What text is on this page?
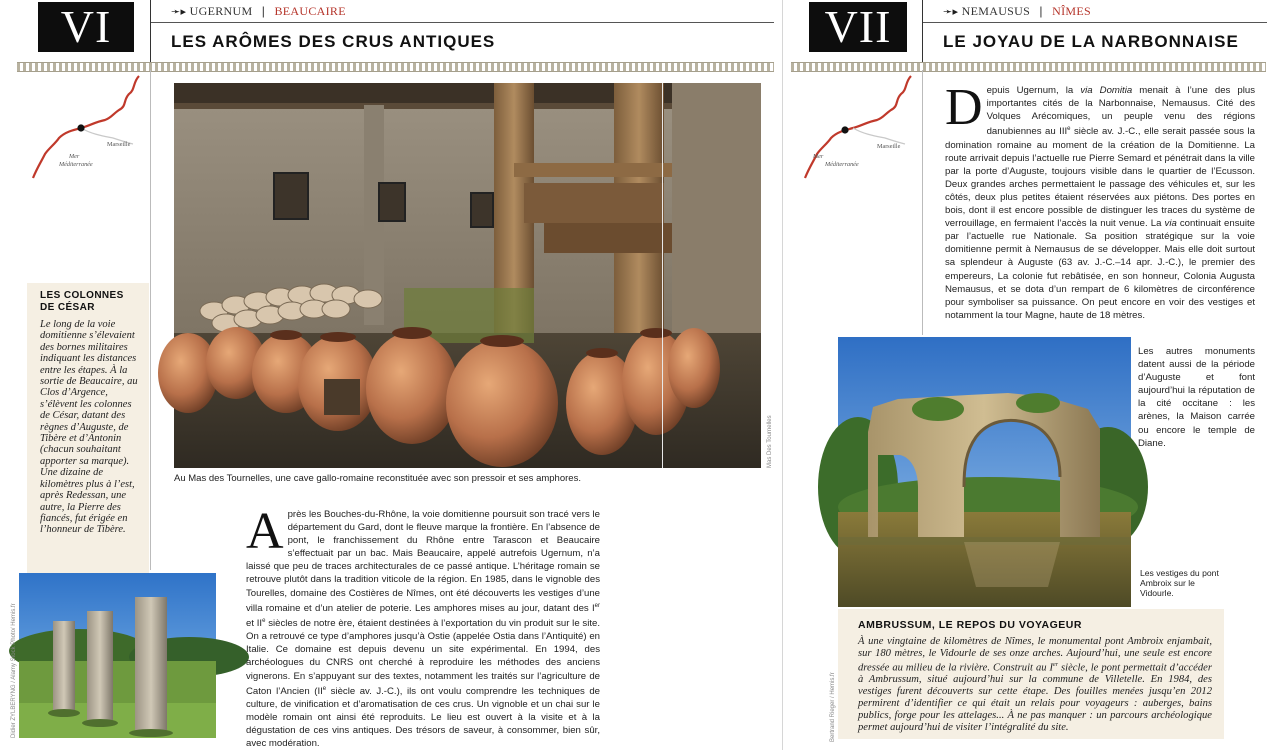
VI	➛▸ UGERNUM | BEAUCAIRE
LES ARÔMES DES CRUS ANTIQUES
Marseille
Mer
Méditerranée
Mas Des Tournelles
Au Mas des Tournelles, une cave gallo-romaine reconstituée avec son pressoir et ses amphores.
LES COLONNES
DE CÉSAR
Le long de la voie domitienne s’élevaient des bornes militaires indiquant les distances entre les étapes. À la sortie de Beaucaire, au Clos d’Argence, s’élèvent les colonnes de César, datant des règnes d’Auguste, de Tibère et d’Antonin (chacun souhaitant apporter sa marque). Une dizaine de kilomètres plus à l’est, après Redessan, une autre, la Pierre des fiancés, fut érigée en l’honneur de Tibère.
Didier ZYLBERYNG / Alamy Stock Photo/ Hemis.fr

Après les Bouches-du-Rhône, la voie domitienne poursuit son tracé vers le département du Gard, dont le fleuve marque la frontière. En l’absence de pont, le franchissement du Rhône entre Tarascon et Beaucaire s’effectuait par un bac. Mais Beaucaire, appelé autrefois Ugernum, n’a laissé que peu de traces architecturales de ce passé antique. L’héritage romain se retrouve plutôt dans la tradition viticole de la région. En 1985, dans le vignoble des Tourelles, domaine des Costières de Nîmes, ont été découverts les vestiges d’une villa romaine et d’un atelier de poterie. Les amphores mises au jour, datant des Ier et IIe siècles de notre ère, étaient destinées à l’exportation du vin produit sur le site. On a retrouvé ce type d’amphores jusqu’à Ostie (appelée Ostia dans l’Antiquité) en Italie. Ce domaine est depuis devenu un site expérimental. En 1994, des archéologues du CNRS ont cherché à reproduire les méthodes des anciens vignerons. En s’appuyant sur des textes, notamment les traités sur l’agriculture de Caton l’Ancien (IIe siècle av. J.-C.), ils ont voulu comprendre les techniques de culture, de vinification et d’aromatisation de ces crus. Un vignoble et un chai sur le modèle romain ont ainsi été reproduits. Le lieu est ouvert à la visite et à la dégustation de ces vins antiques. Des trésors de saveur, à consommer, bien sûr, avec modération.

VII	➛▸ NEMAUSUS | NÎMES
LE JOYAU DE LA NARBONNAISE
Marseille
Mer
Méditerranée

Depuis Ugernum, la via Domitia menait à l’une des plus importantes cités de la Narbonnaise, Nemausus. Cité des Volques Arécomiques, un peuple venu des régions danubiennes au IIIe siècle av. J.-C., elle serait passée sous la domination romaine au moment de la création de la Domitienne. La route arrivait depuis l’actuelle rue Pierre Semard et pénétrait dans la ville par la porte d’Auguste, toujours visible dans le quartier de l’Ecusson. Deux grandes arches permettaient le passage des véhicules et, sur les côtés, deux plus petites étaient réservées aux piétons. Des portes en bois, dont il est encore possible de distinguer les traces du système de verrouillage, en fermaient l’accès la nuit venue. La via continuait ensuite par l’actuelle rue Nationale. Sa position stratégique sur la voie domitienne permit à Nemausus de se développer. Mais elle doit surtout sa splendeur à Auguste (63 av. J.-C.–14 apr. J.-C.), le premier des empereurs, La colonie fut rebâtisée, en son honneur, Colonia Augusta Nemausus, et se dota d’un rempart de 6 kilomètres de circonférence pour symboliser sa puissance. On peut encore en voir des vestiges et notamment la tour Magne, haute de 18 mètres.

Les autres monuments datent aussi de la période d’Auguste et font aujourd’hui la réputation de la cité occitane : les arènes, la Maison carrée ou encore le temple de Diane.

Bertrand Rieger / Hemis.fr
Les vestiges du pont Ambroix sur le Vidourle.
AMBRUSSUM, LE REPOS DU VOYAGEUR
À une vingtaine de kilomètres de Nîmes, le monumental pont Ambroix enjambait, sur 180 mètres, le Vidourle de ses onze arches. Aujourd’hui, une seule est encore dressée au milieu de la rivière. Construit au Ier siècle, le pont permettait d’accéder à Ambrussum, situé aujourd’hui sur la commune de Villetelle. En 1984, des vestiges furent découverts sur cette étape. Des fouilles menées jusqu’en 2012 permirent d’identifier ce qui était un relais pour voyageurs : auberges, bains publics, forge pour les attelages... À ne pas manquer : un parcours archéologique permet aujourd’hui de visiter l’intégralité du site.
